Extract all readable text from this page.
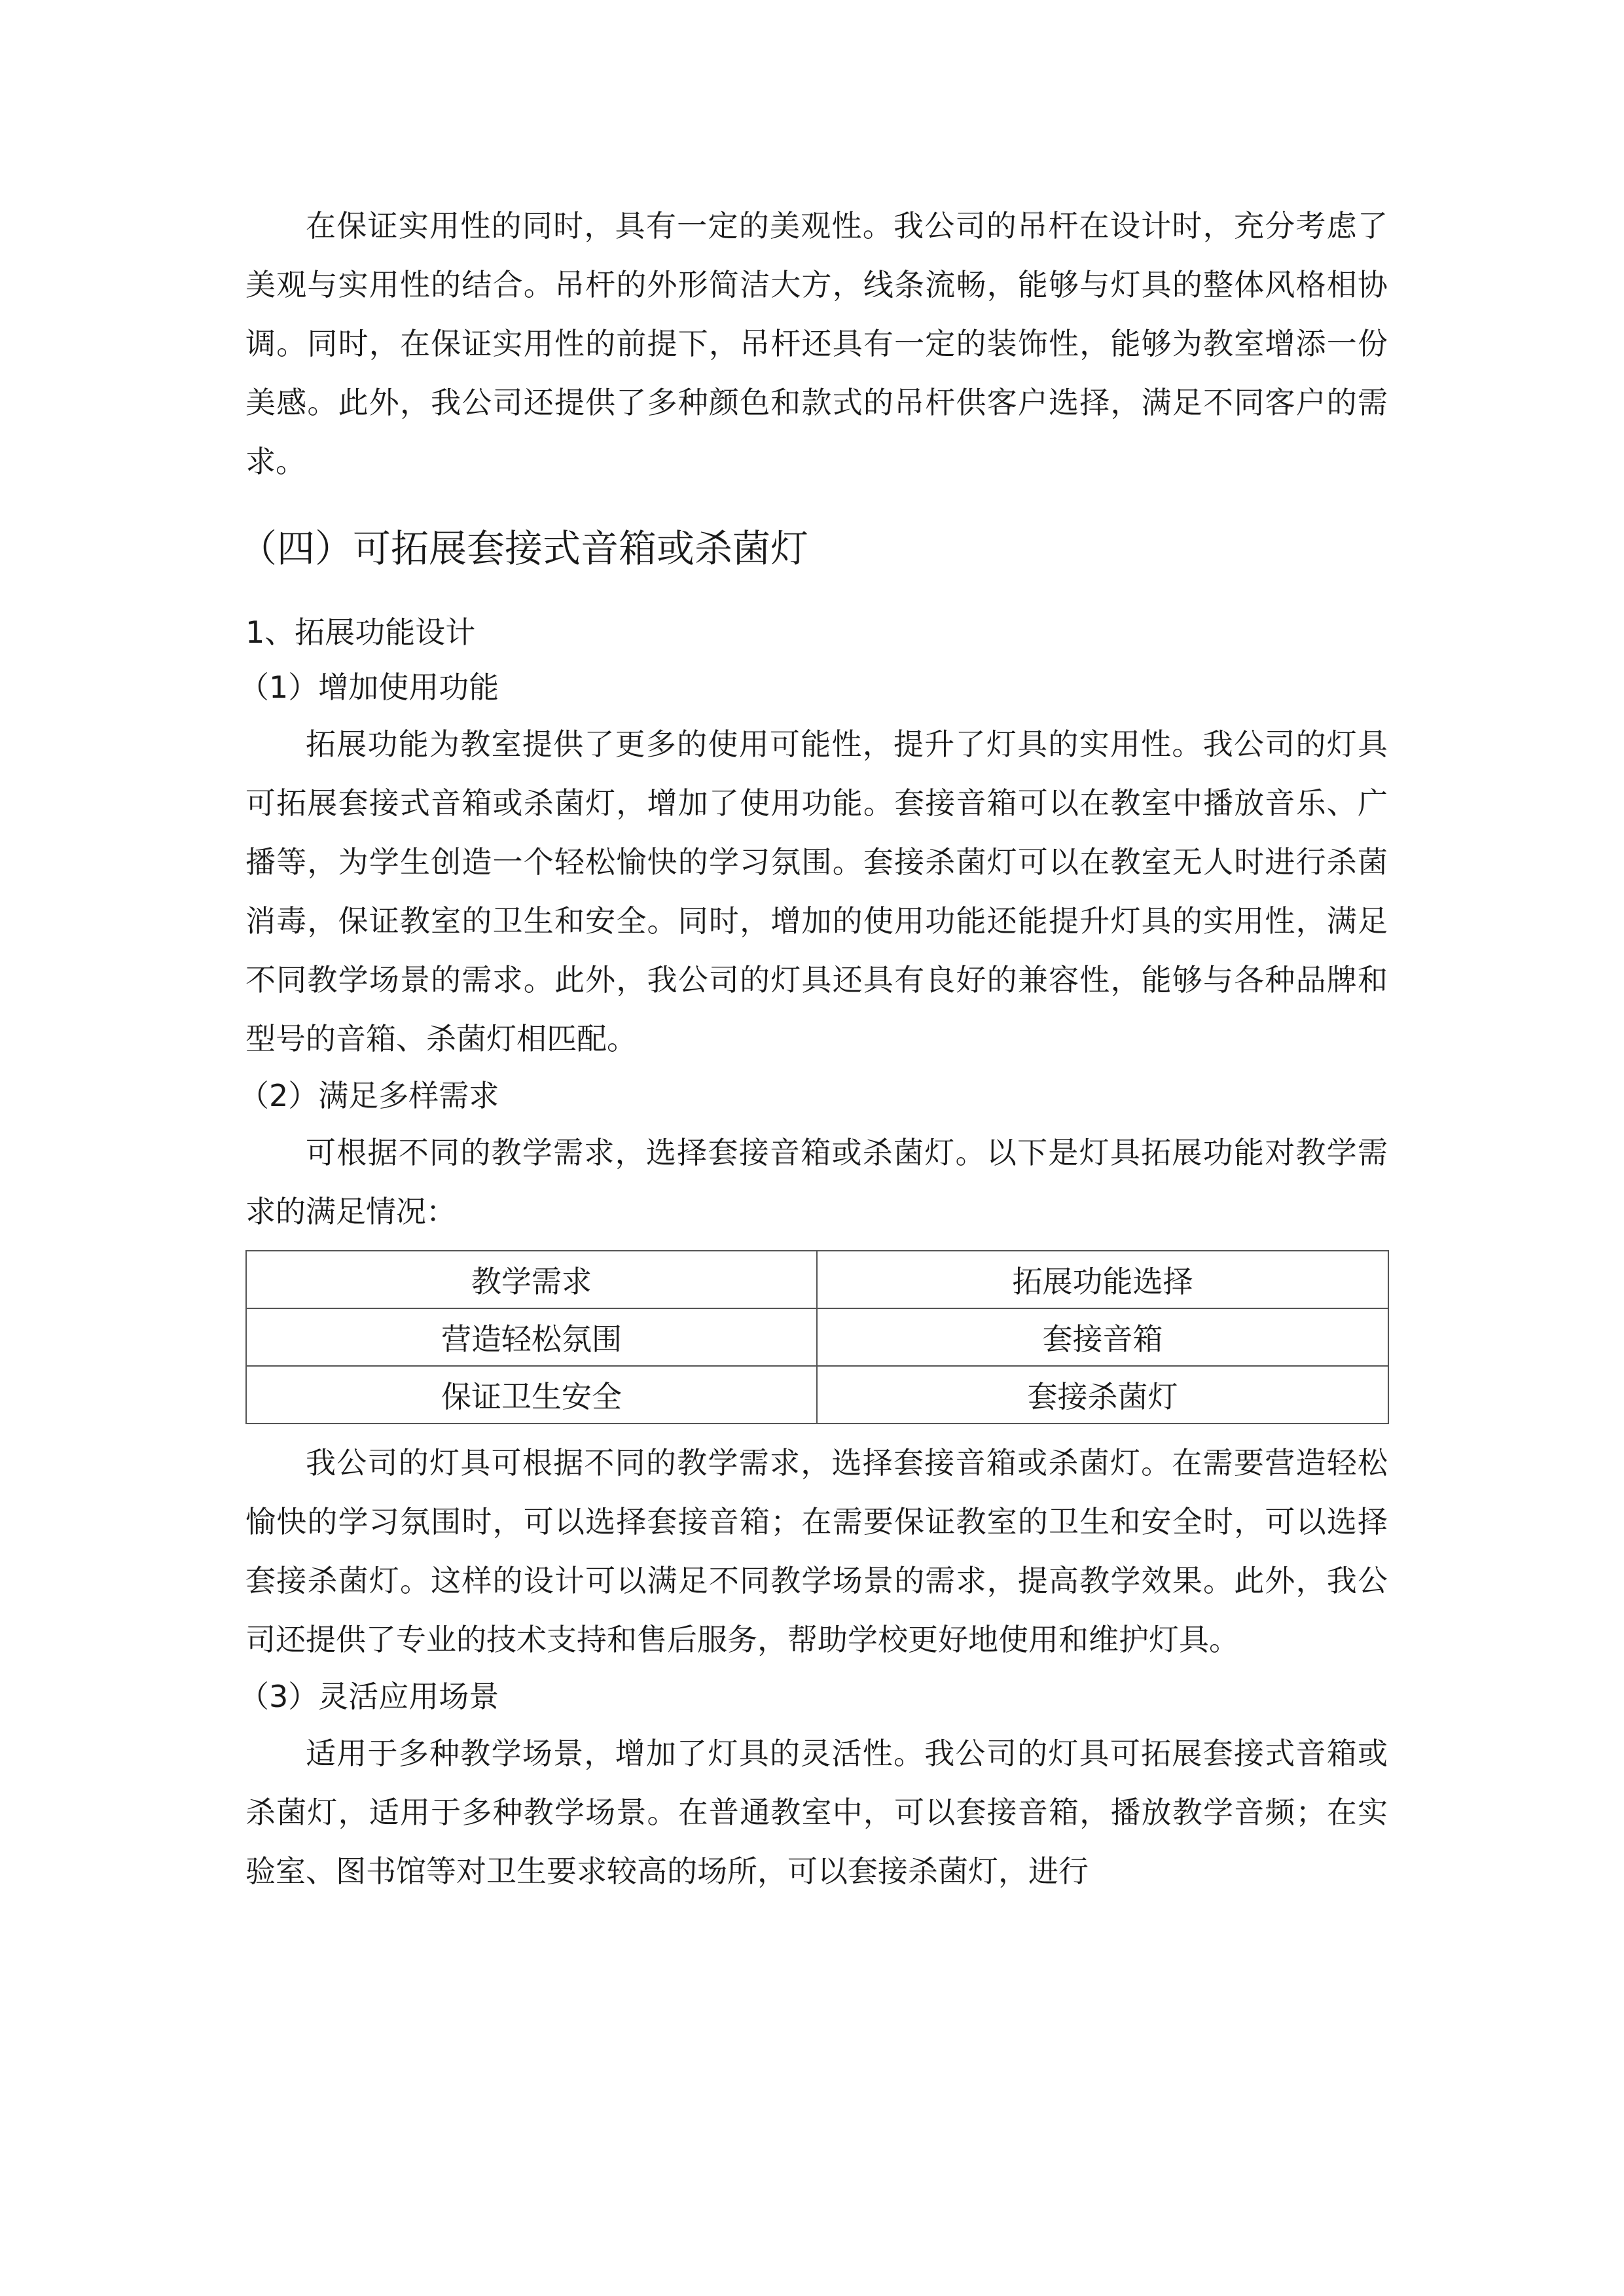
在保证实用性的同时，具有一定的美观性。我公司的吊杆在设计时，充分考虑了美观与实用性的结合。吊杆的外形简洁大方，线条流畅，能够与灯具的整体风格相协调。同时，在保证实用性的前提下，吊杆还具有一定的装饰性，能够为教室增添一份美感。此外，我公司还提供了多种颜色和款式的吊杆供客户选择，满足不同客户的需求。

（四）可拓展套接式音箱或杀菌灯
1、拓展功能设计
（1）增加使用功能

拓展功能为教室提供了更多的使用可能性，提升了灯具的实用性。我公司的灯具可拓展套接式音箱或杀菌灯，增加了使用功能。套接音箱可以在教室中播放音乐、广播等，为学生创造一个轻松愉快的学习氛围。套接杀菌灯可以在教室无人时进行杀菌消毒，保证教室的卫生和安全。同时，增加的使用功能还能提升灯具的实用性，满足不同教学场景的需求。此外，我公司的灯具还具有良好的兼容性，能够与各种品牌和型号的音箱、杀菌灯相匹配。

（2）满足多样需求

可根据不同的教学需求，选择套接音箱或杀菌灯。以下是灯具拓展功能对教学需求的满足情况：

教学需求	拓展功能选择
营造轻松氛围	套接音箱
保证卫生安全	套接杀菌灯

我公司的灯具可根据不同的教学需求，选择套接音箱或杀菌灯。在需要营造轻松愉快的学习氛围时，可以选择套接音箱；在需要保证教室的卫生和安全时，可以选择套接杀菌灯。这样的设计可以满足不同教学场景的需求，提高教学效果。此外，我公司还提供了专业的技术支持和售后服务，帮助学校更好地使用和维护灯具。

（3）灵活应用场景

适用于多种教学场景，增加了灯具的灵活性。我公司的灯具可拓展套接式音箱或杀菌灯，适用于多种教学场景。在普通教室中，可以套接音箱，播放教学音频；在实验室、图书馆等对卫生要求较高的场所，可以套接杀菌灯，进行
